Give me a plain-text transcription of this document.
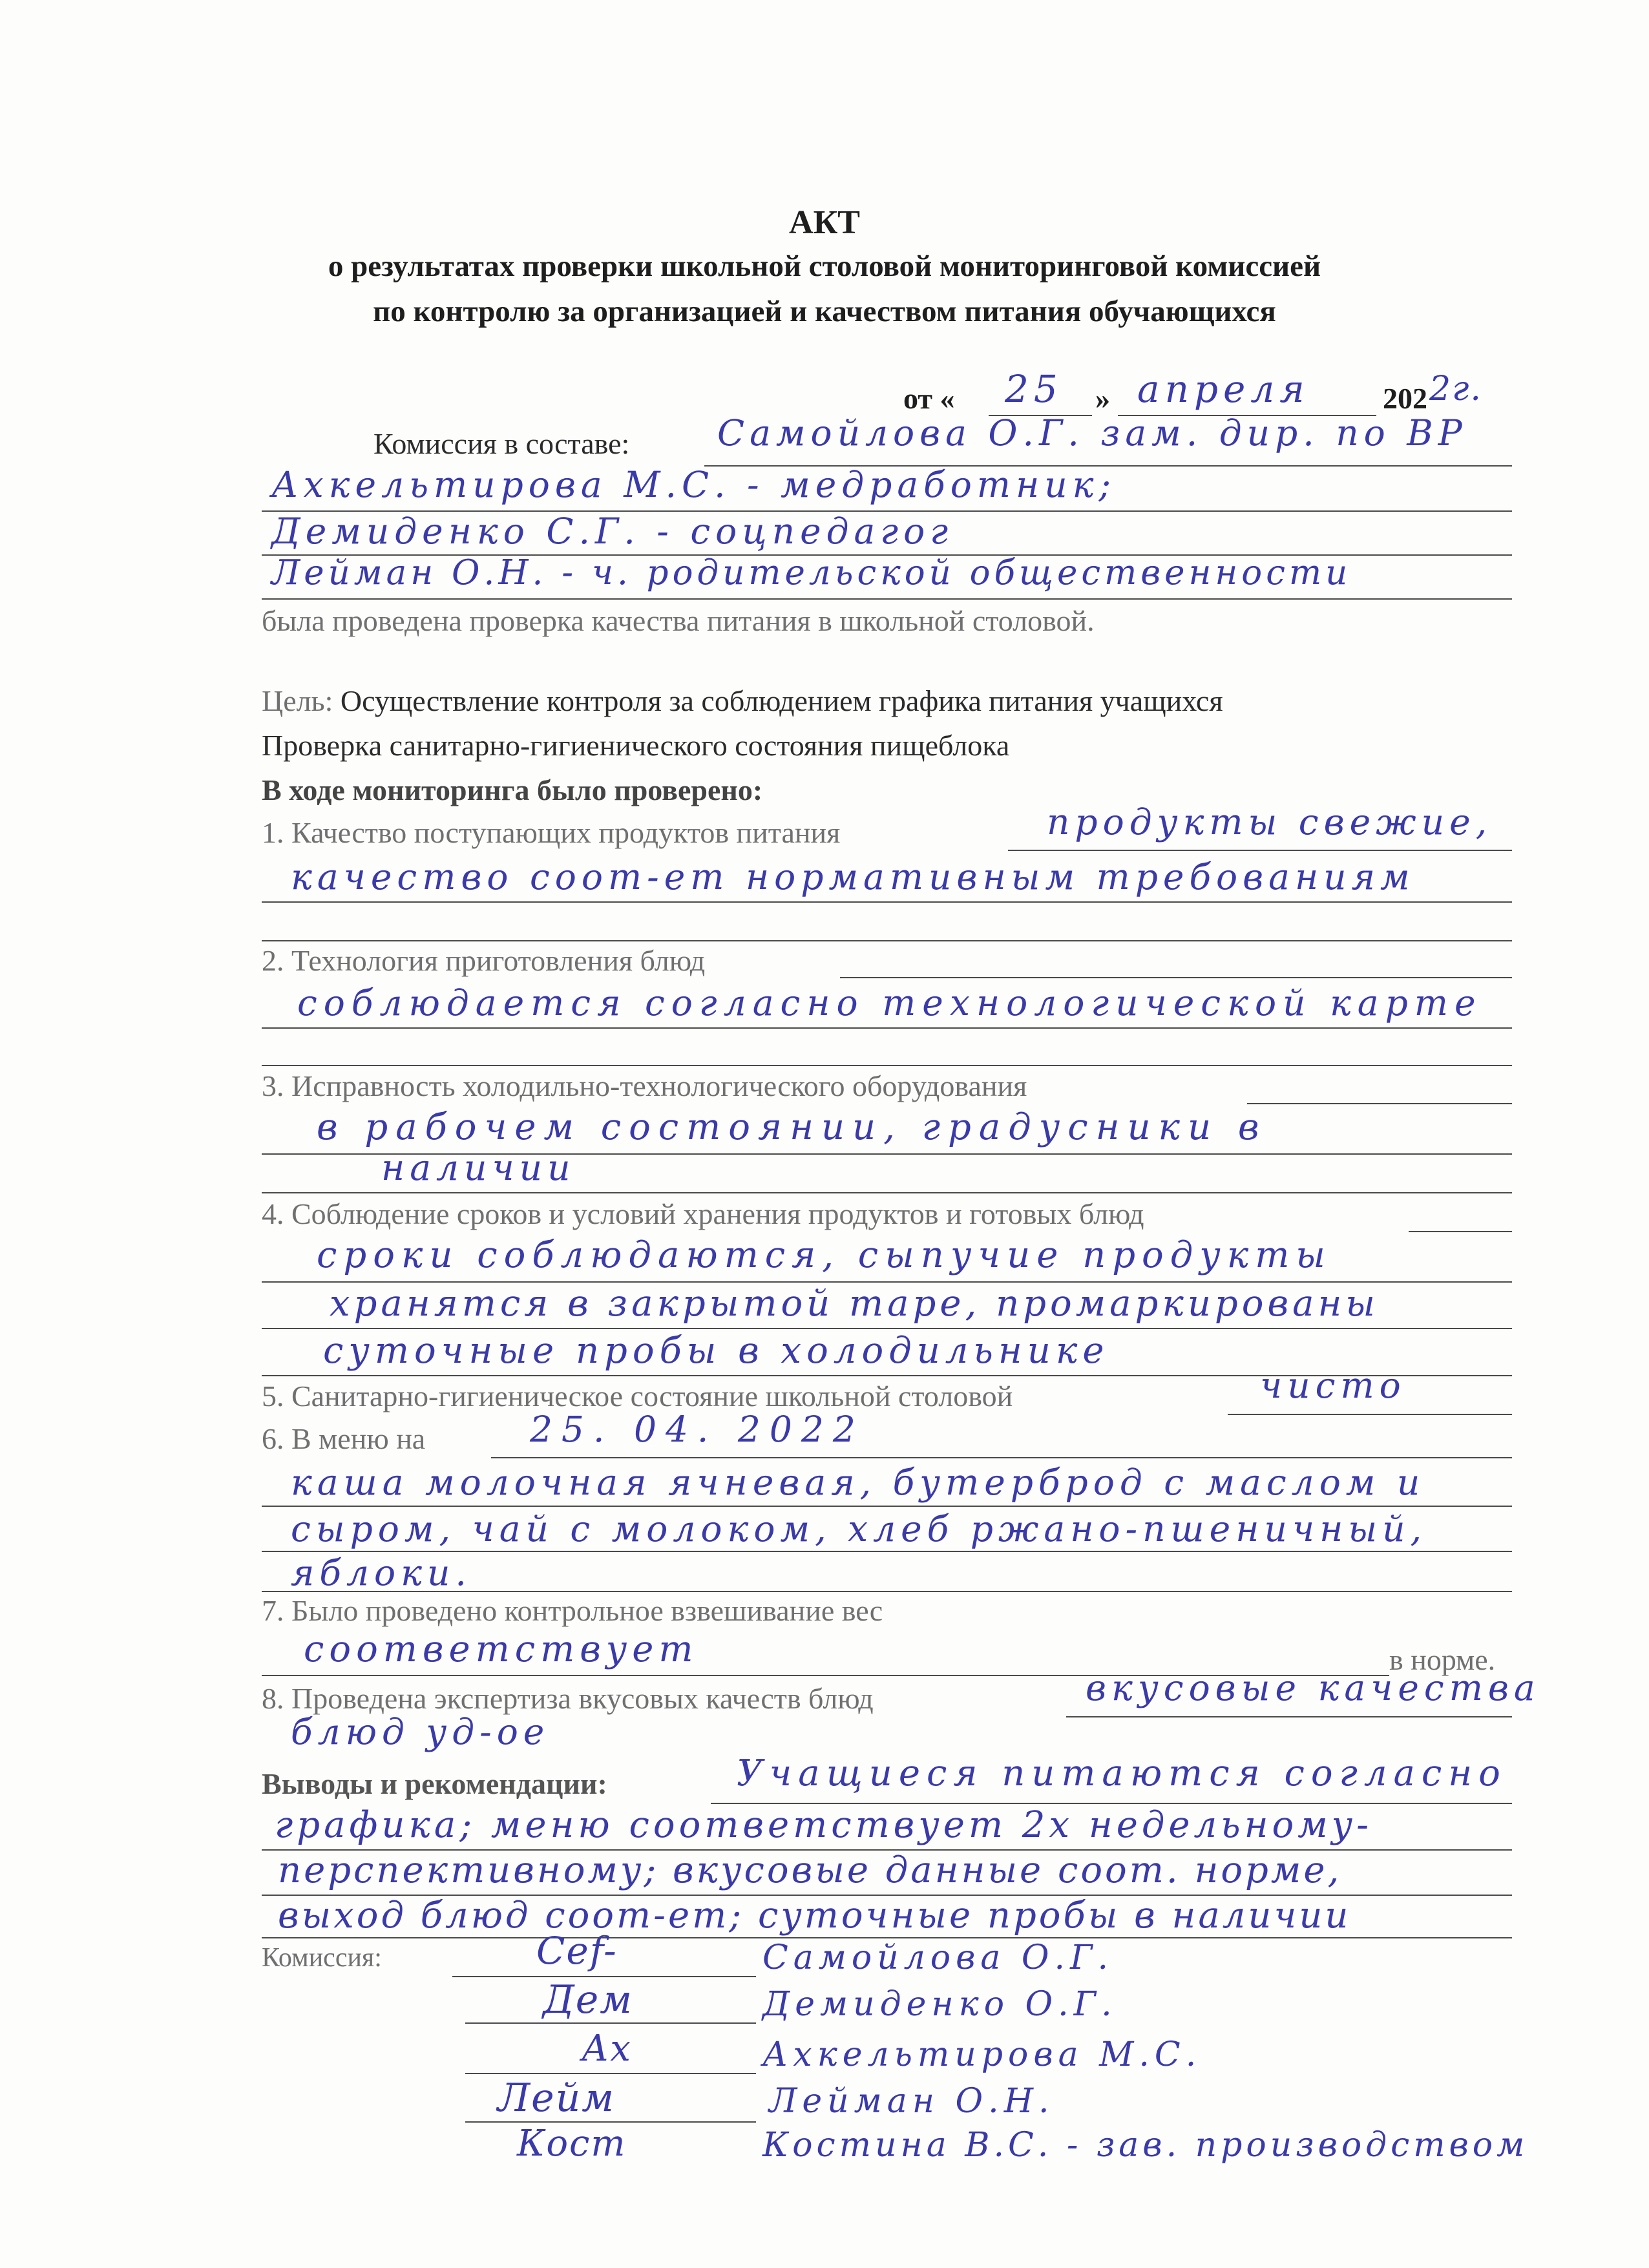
АКТ
о результатах проверки школьной столовой мониторинговой комиссией
по контролю за организацией и качеством питания обучающихся
от « 25 » апреля 202 2г.
Комиссия в составе: Самойлова О.Г. зам. дир. по ВР
Ахкельтирова М.С. - медработник;
Демиденко С.Г. - соцпедагог
Лейман О.Н. - ч. родительской общественности
была проведена проверка качества питания в школьной столовой.
Цель: Осуществление контроля за соблюдением графика питания учащихся
Проверка санитарно-гигиенического состояния пищеблока
В ходе мониторинга было проверено:
1. Качество поступающих продуктов питания	продукты свежие,
качество соот-ет нормативным требованиям
2. Технология приготовления блюд
соблюдается согласно технологической карте
3. Исправность холодильно-технологического оборудования
в рабочем состоянии, градусники в
наличии
4. Соблюдение сроков и условий хранения продуктов и готовых блюд
сроки соблюдаются, сыпучие продукты
хранятся в закрытой таре, промаркированы
суточные пробы в холодильнике
5. Санитарно-гигиеническое состояние школьной столовой	чисто
6. В меню на	25. 04. 2022
каша молочная ячневая, бутерброд с маслом и
сыром, чай с молоком, хлеб ржано-пшеничный,
яблоки.
7. Было проведено контрольное взвешивание вес
соответствует	в норме.
8. Проведена экспертиза вкусовых качеств блюд	вкусовые качества
блюд уд-ое
Выводы и рекомендации:	Учащиеся питаются согласно
графика; меню соответствует 2х недельному-
перспективному; вкусовые данные соот. норме,
выход блюд соот-ет; суточные пробы в наличии
Комиссия:	Сеf-	Самойлова О.Г.
Дем	Демиденко О.Г.
Ах	Ахкельтирова М.С.
Лейм	Лейман О.Н.
Кост	Костина В.С. - зав. производством
